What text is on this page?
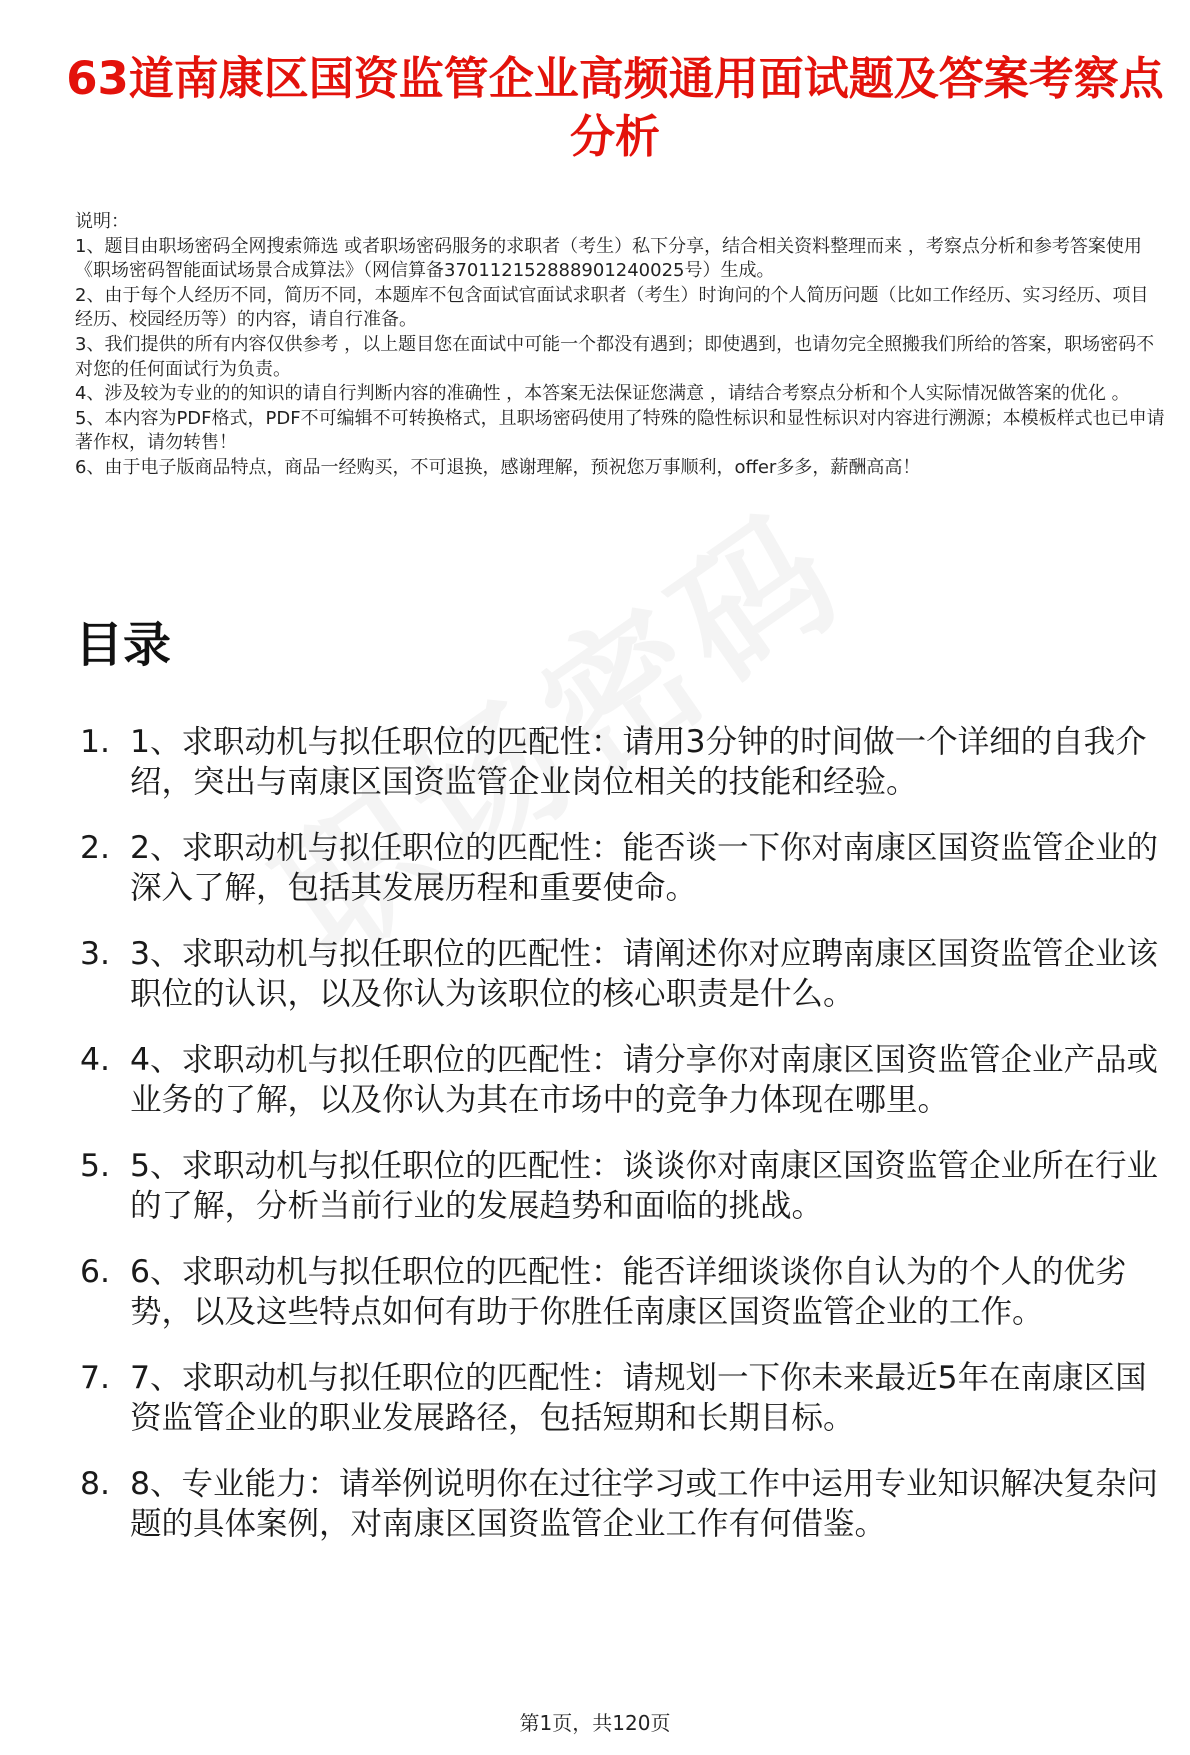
63道南康区国资监管企业高频通用面试题及答案考察点分析

说明：

1、题目由职场密码全网搜索筛选 或者职场密码服务的求职者（考生）私下分享，结合相关资料整理而来 ，考察点分析和参考答案使用《职场密码智能面试场景合成算法》（网信算备370112152888901240025号）生成。

2、由于每个人经历不同，简历不同，本题库不包含面试官面试求职者（考生）时询问的个人简历问题（比如工作经历、实习经历、项目经历、校园经历等）的内容，请自行准备。

3、我们提供的所有内容仅供参考 ，以上题目您在面试中可能一个都没有遇到；即使遇到，也请勿完全照搬我们所给的答案，职场密码不对您的任何面试行为负责。

4、涉及较为专业的的知识的请自行判断内容的准确性 ，本答案无法保证您满意 ，请结合考察点分析和个人实际情况做答案的优化 。

5、本内容为PDF格式，PDF不可编辑不可转换格式，且职场密码使用了特殊的隐性标识和显性标识对内容进行溯源；本模板样式也已申请著作权，请勿转售！

6、由于电子版商品特点，商品一经购买，不可退换，感谢理解，预祝您万事顺利，offer多多，薪酬高高！

目录
1. 1、求职动机与拟任职位的匹配性：请用3分钟的时间做一个详细的自我介绍，突出与南康区国资监管企业岗位相关的技能和经验。
2. 2、求职动机与拟任职位的匹配性：能否谈一下你对南康区国资监管企业的深入了解，包括其发展历程和重要使命。
3. 3、求职动机与拟任职位的匹配性：请阐述你对应聘南康区国资监管企业该职位的认识，以及你认为该职位的核心职责是什么。
4. 4、求职动机与拟任职位的匹配性：请分享你对南康区国资监管企业产品或业务的了解，以及你认为其在市场中的竞争力体现在哪里。
5. 5、求职动机与拟任职位的匹配性：谈谈你对南康区国资监管企业所在行业的了解，分析当前行业的发展趋势和面临的挑战。
6. 6、求职动机与拟任职位的匹配性：能否详细谈谈你自认为的个人的优劣势，以及这些特点如何有助于你胜任南康区国资监管企业的工作。
7. 7、求职动机与拟任职位的匹配性：请规划一下你未来最近5年在南康区国资监管企业的职业发展路径，包括短期和长期目标。
8. 8、专业能力：请举例说明你在过往学习或工作中运用专业知识解决复杂问题的具体案例，对南康区国资监管企业工作有何借鉴。
第1页，共120页
